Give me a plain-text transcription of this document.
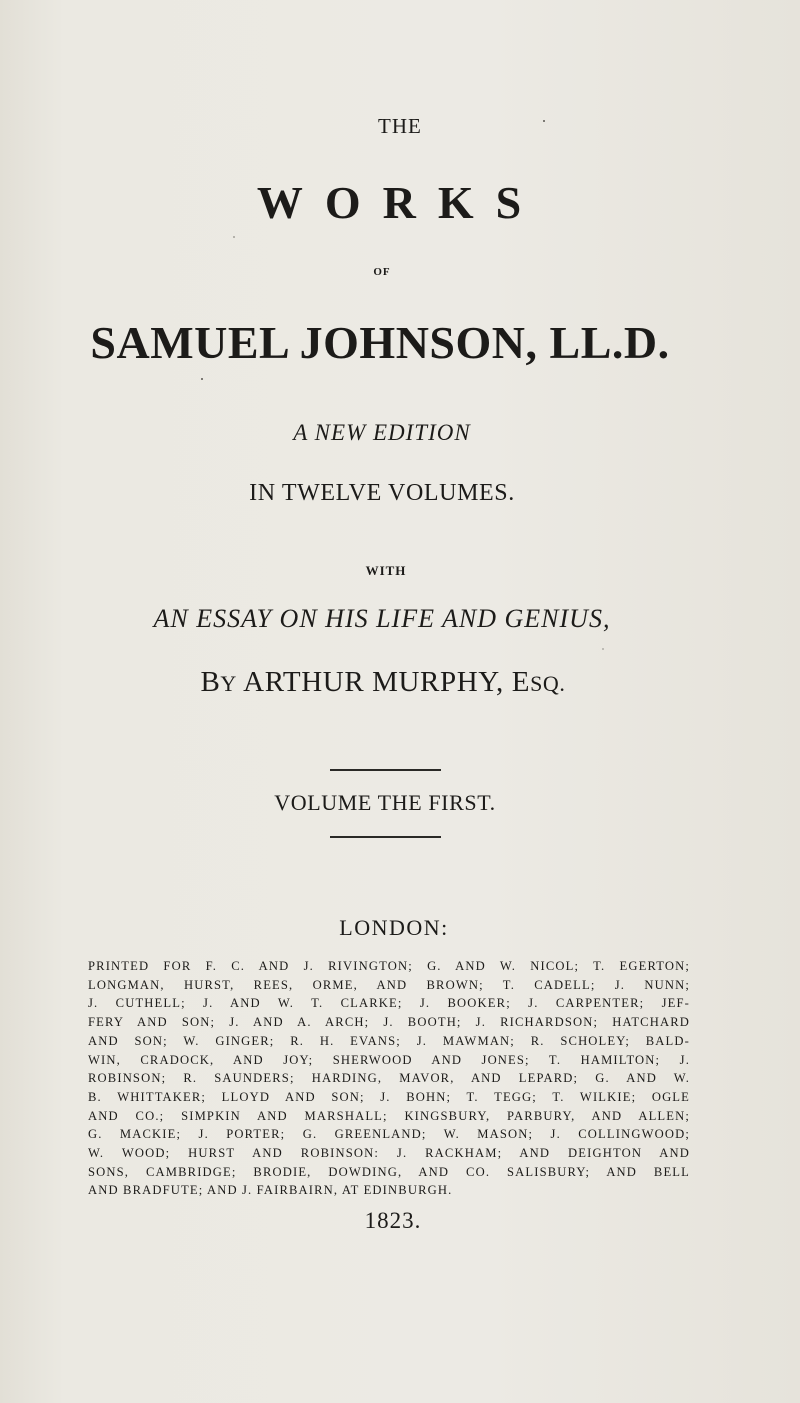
THE
WORKS
OF
SAMUEL JOHNSON, LL.D.
A NEW EDITION
IN TWELVE VOLUMES.
WITH
AN ESSAY ON HIS LIFE AND GENIUS,
BY ARTHUR MURPHY, ESQ.
VOLUME THE FIRST.
LONDON:
PRINTED FOR F. C. AND J. RIVINGTON; G. AND W. NICOL; T. EGERTON;
LONGMAN, HURST, REES, ORME, AND BROWN; T. CADELL; J. NUNN;
J. CUTHELL; J. AND W. T. CLARKE; J. BOOKER; J. CARPENTER; JEF-
FERY AND SON; J. AND A. ARCH; J. BOOTH; J. RICHARDSON; HATCHARD
AND SON; W. GINGER; R. H. EVANS; J. MAWMAN; R. SCHOLEY; BALD-
WIN, CRADOCK, AND JOY; SHERWOOD AND JONES; T. HAMILTON; J.
ROBINSON; R. SAUNDERS; HARDING, MAVOR, AND LEPARD; G. AND W.
B. WHITTAKER; LLOYD AND SON; J. BOHN; T. TEGG; T. WILKIE; OGLE
AND CO.; SIMPKIN AND MARSHALL; KINGSBURY, PARBURY, AND ALLEN;
G. MACKIE; J. PORTER; G. GREENLAND; W. MASON; J. COLLINGWOOD;
W. WOOD; HURST AND ROBINSON: J. RACKHAM; AND DEIGHTON AND
SONS, CAMBRIDGE; BRODIE, DOWDING, AND CO. SALISBURY; AND BELL
AND BRADFUTE; AND J. FAIRBAIRN, AT EDINBURGH.
1823.
